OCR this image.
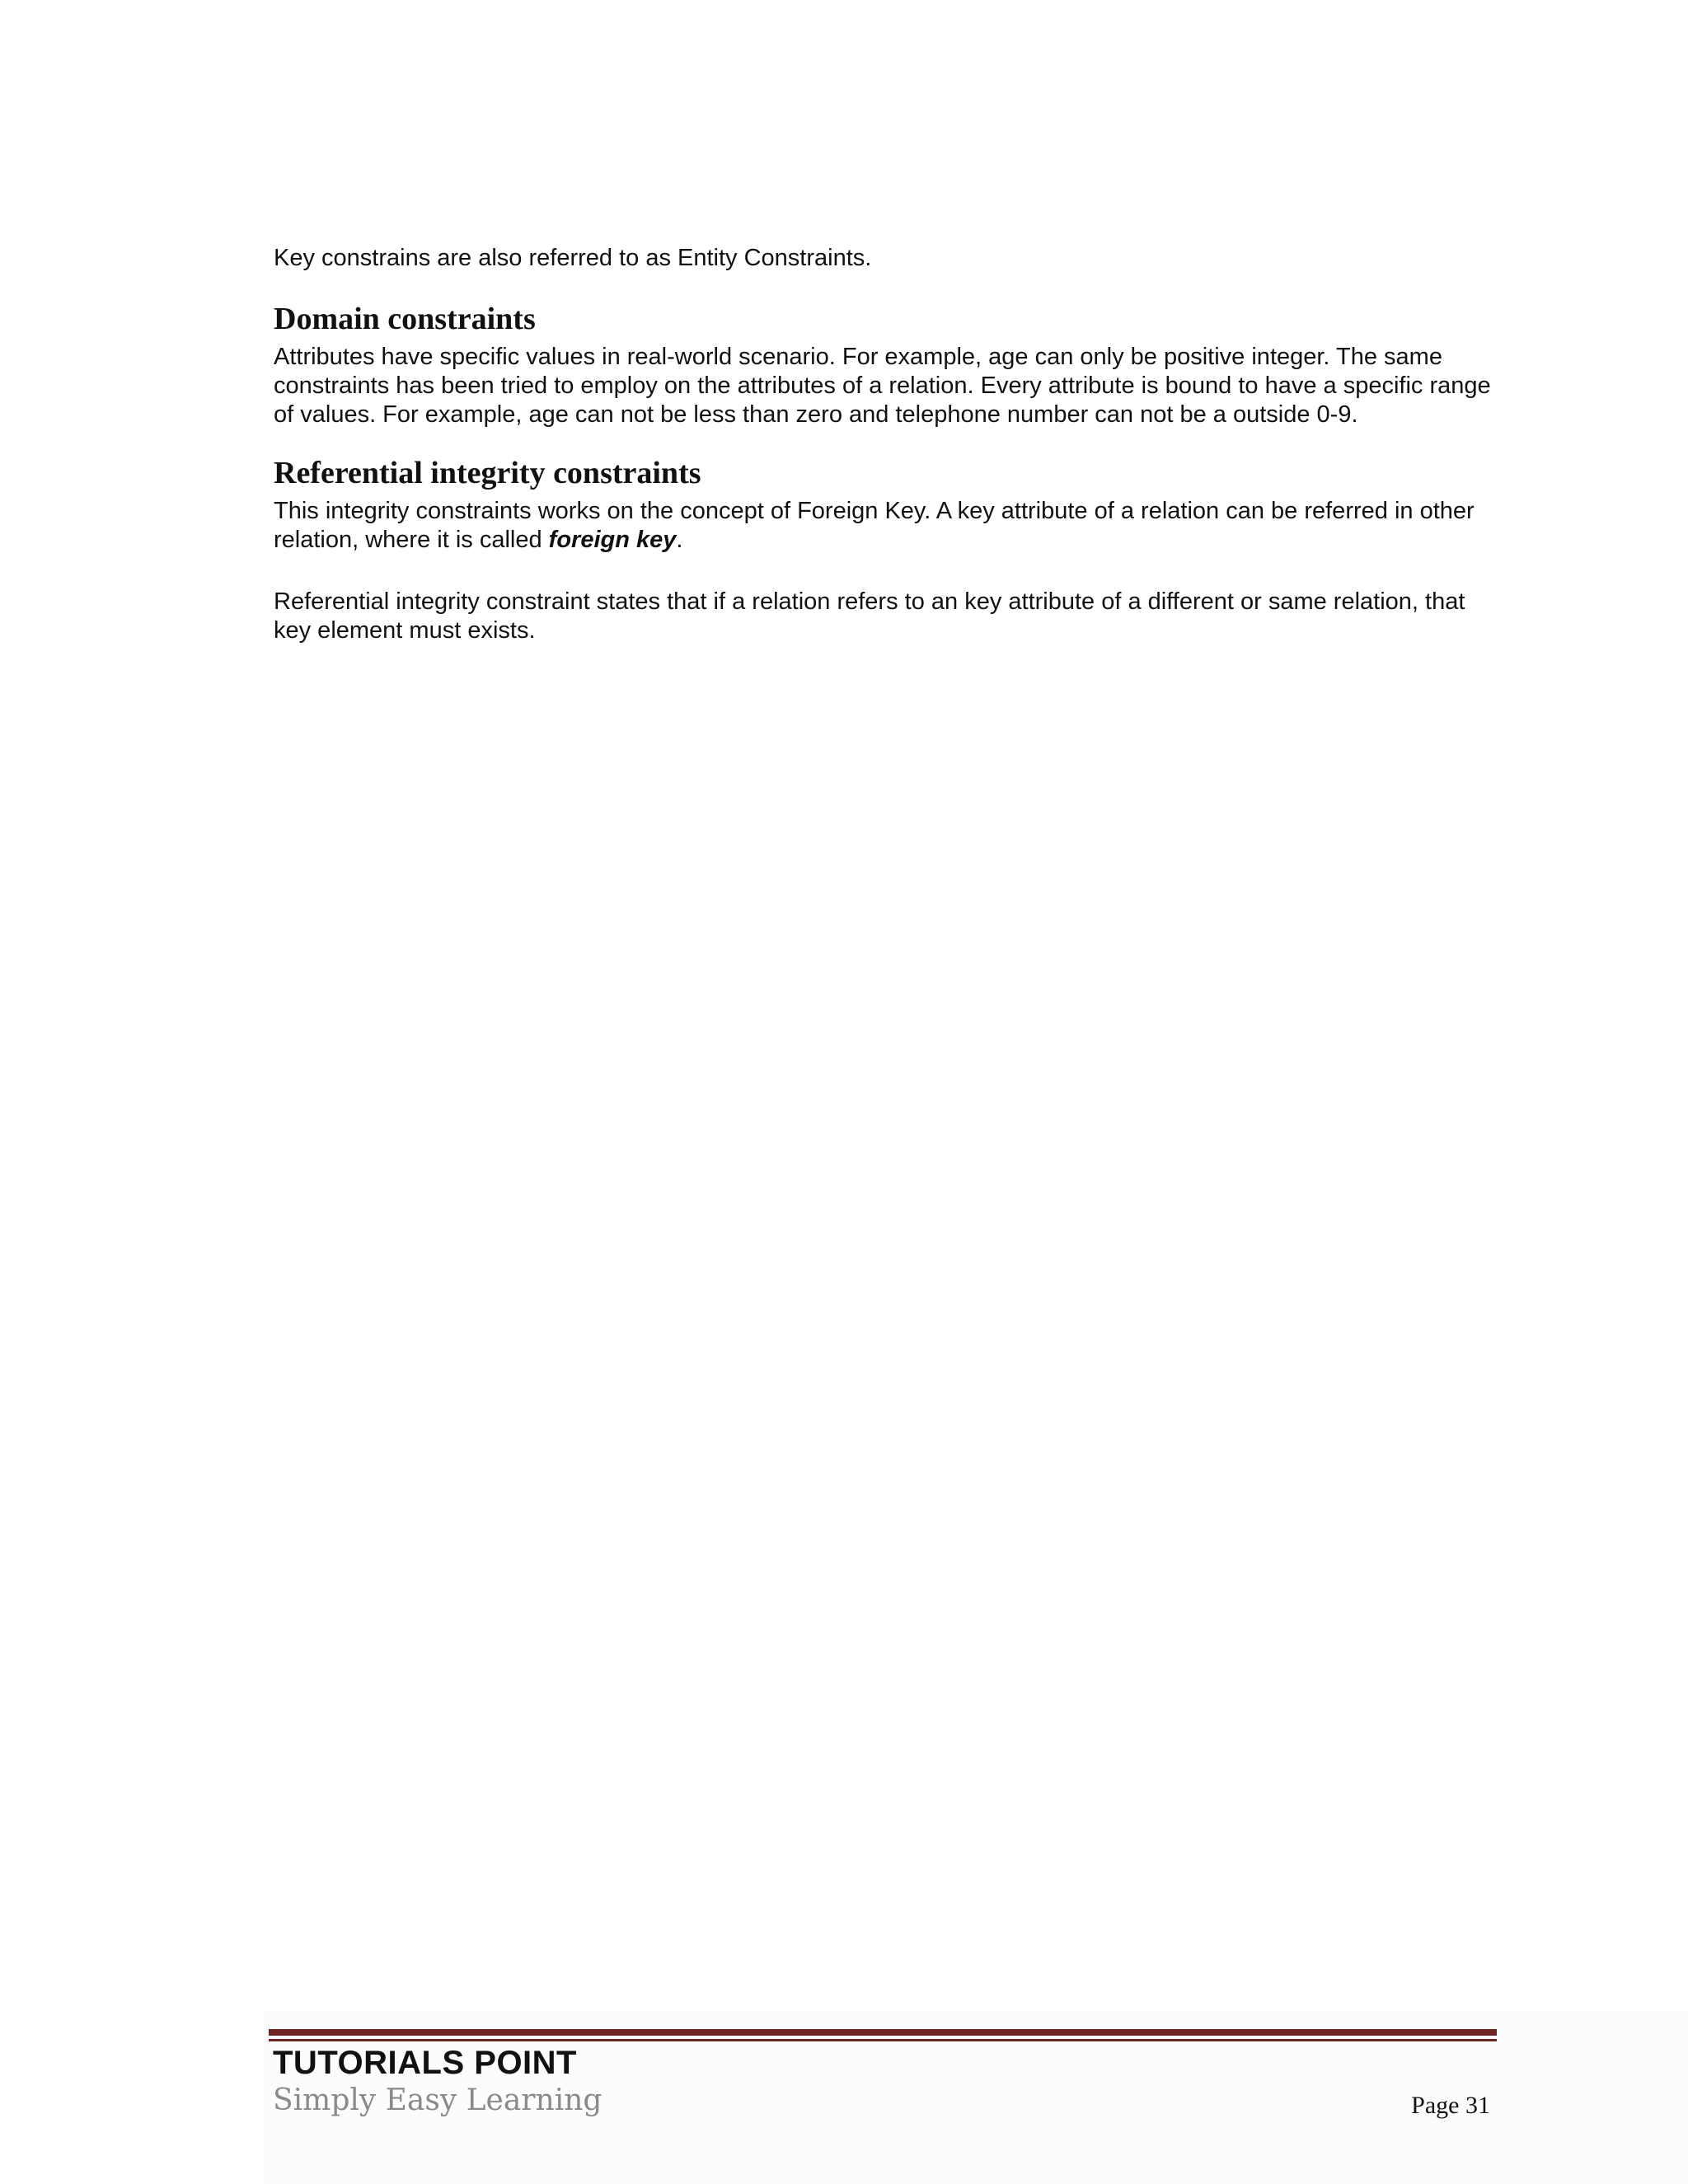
Key constrains are also referred to as Entity Constraints.

Domain constraints

Attributes have specific values in real-world scenario. For example, age can only be positive integer. The same constraints has been tried to employ on the attributes of a relation. Every attribute is bound to have a specific range of values. For example, age can not be less than zero and telephone number can not be a outside 0-9.

Referential integrity constraints

This integrity constraints works on the concept of Foreign Key. A key attribute of a relation can be referred in other relation, where it is called foreign key.

Referential integrity constraint states that if a relation refers to an key attribute of a different or same relation, that key element must exists.

TUTORIALS POINT
Simply Easy Learning	Page 31
